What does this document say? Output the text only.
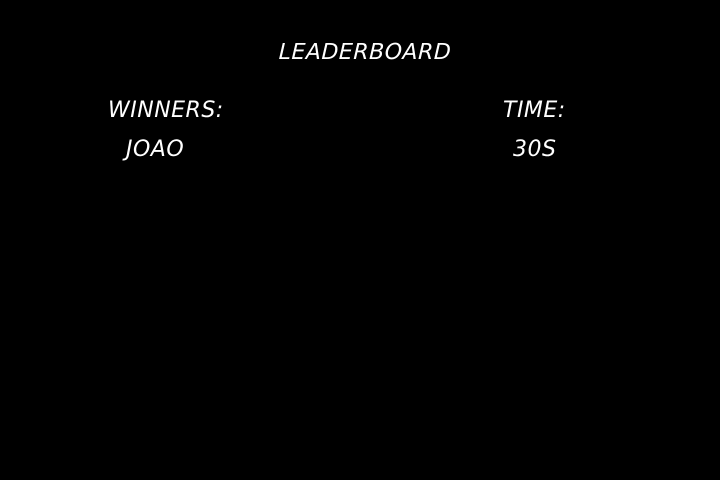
LEADERBOARD
WINNERS:	TIME:
JOAO	30S
